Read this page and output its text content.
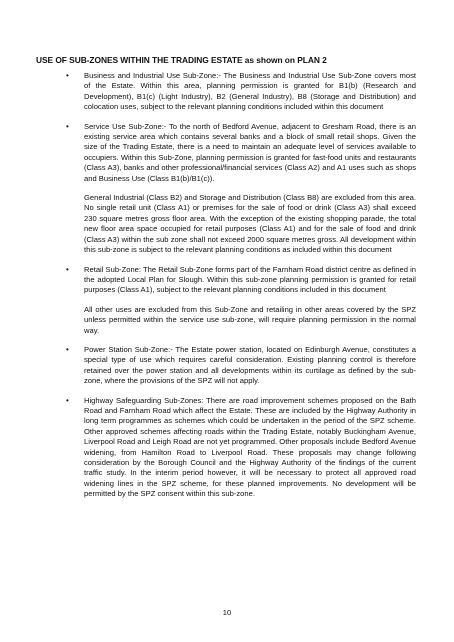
USE OF SUB-ZONES WITHIN THE TRADING ESTATE as shown on PLAN 2
• Business and Industrial Use Sub-Zone:- The Business and Industrial Use Sub-Zone covers most of the Estate. Within this area, planning permission is granted for B1(b) (Research and Development), B1(c) (Light Industry), B2 (General Industry), B8 (Storage and Distribution) and colocation uses, subject to the relevant planning conditions included within this document

• Service Use Sub-Zone:- To the north of Bedford Avenue, adjacent to Gresham Road, there is an existing service area which contains several banks and a block of small retail shops. Given the size of the Trading Estate, there is a need to maintain an adequate level of services available to occupiers. Within this Sub-Zone, planning permission is granted for fast-food units and restaurants (Class A3), banks and other professional/financial services (Class A2) and A1 uses such as shops and Business Use (Class B1(b)/B1(c)).

General Industrial (Class B2) and Storage and Distribution (Class B8) are excluded from this area. No single retail unit (Class A1) or premises for the sale of food or drink (Class A3) shall exceed 230 square metres gross floor area. With the exception of the existing shopping parade, the total new floor area space occupied for retail purposes (Class A1) and for the sale of food and drink (Class A3) within the sub zone shall not exceed 2000 square metres gross. All development within this sub-zone is subject to the relevant planning conditions as included within this document

• Retail Sub-Zone: The Retail Sub-Zone forms part of the Farnham Road district centre as defined in the adopted Local Plan for Slough. Within this sub-zone planning permission is granted for retail purposes (Class A1), subject to the relevant planning conditions included in this document

All other uses are excluded from this Sub-Zone and retailing in other areas covered by the SPZ unless permitted within the service use sub-zone, will require planning permission in the normal way.

• Power Station Sub-Zone:- The Estate power station, located on Edinburgh Avenue, constitutes a special type of use which requires careful consideration. Existing planning control is therefore retained over the power station and all developments within its curtilage as defined by the sub-zone, where the provisions of the SPZ will not apply.

• Highway Safeguarding Sub-Zones: There are road improvement schemes proposed on the Bath Road and Farnham Road which affect the Estate. These are included by the Highway Authority in long term programmes as schemes which could be undertaken in the period of the SPZ scheme. Other approved schemes affecting roads within the Trading Estate, notably Buckingham Avenue, Liverpool Road and Leigh Road are not yet programmed. Other proposals include Bedford Avenue widening, from Hamilton Road to Liverpool Road. These proposals may change following consideration by the Borough Council and the Highway Authority of the findings of the current traffic study. In the interim period however, it will be necessary to protect all approved road widening lines in the SPZ scheme, for these planned improvements. No development will be permitted by the SPZ consent within this sub-zone.

10
